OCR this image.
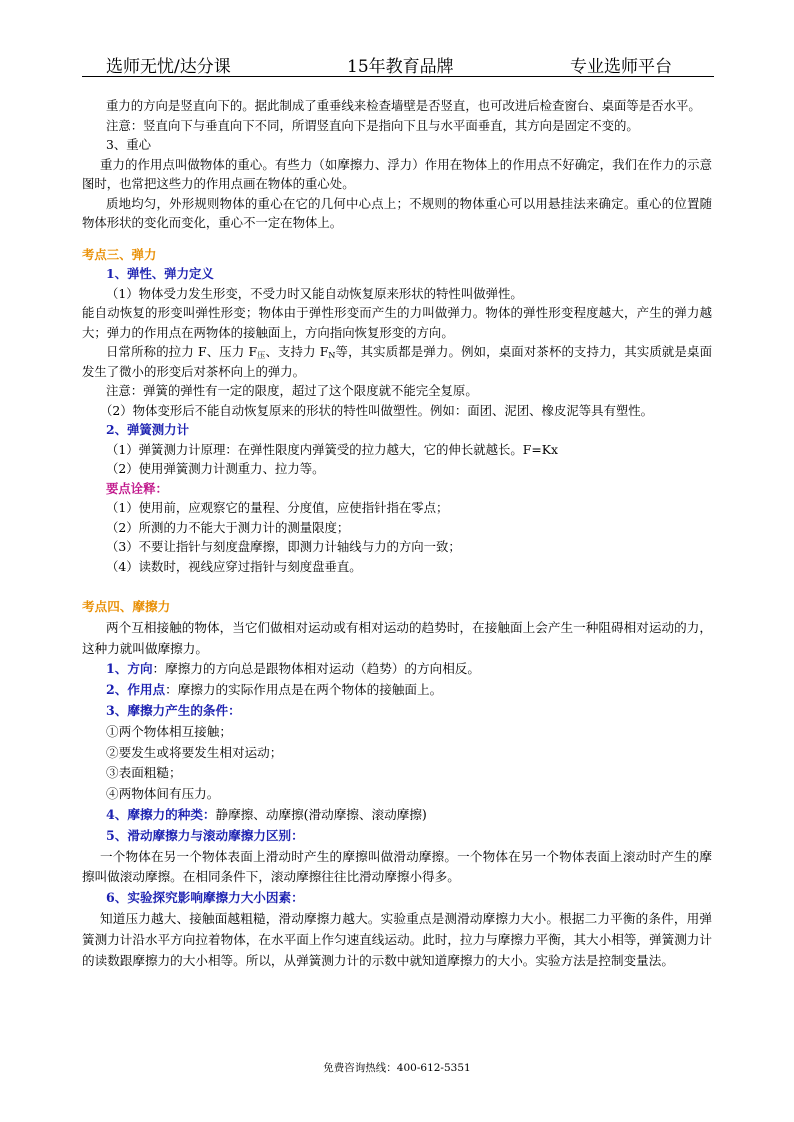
选师无忧/达分课	15年教育品牌	专业选师平台

重力的方向是竖直向下的。据此制成了重垂线来检查墙壁是否竖直，也可改进后检查窗台、桌面等是否水平。

注意：竖直向下与垂直向下不同，所谓竖直向下是指向下且与水平面垂直，其方向是固定不变的。

3、重心

重力的作用点叫做物体的重心。有些力（如摩擦力、浮力）作用在物体上的作用点不好确定，我们在作力的示意图时，也常把这些力的作用点画在物体的重心处。

质地均匀，外形规则物体的重心在它的几何中心点上；不规则的物体重心可以用悬挂法来确定。重心的位置随物体形状的变化而变化，重心不一定在物体上。

考点三、弹力

1、弹性、弹力定义

（1）物体受力发生形变，不受力时又能自动恢复原来形状的特性叫做弹性。

能自动恢复的形变叫弹性形变；物体由于弹性形变而产生的力叫做弹力。物体的弹性形变程度越大，产生的弹力越大；弹力的作用点在两物体的接触面上，方向指向恢复形变的方向。

日常所称的拉力 F、压力 $F_压$、支持力 $F_N$等，其实质都是弹力。例如，桌面对茶杯的支持力，其实质就是桌面发生了微小的形变后对茶杯向上的弹力。

注意：弹簧的弹性有一定的限度，超过了这个限度就不能完全复原。

（2）物体变形后不能自动恢复原来的形状的特性叫做塑性。例如：面团、泥团、橡皮泥等具有塑性。

2、弹簧测力计

（1）弹簧测力计原理：在弹性限度内弹簧受的拉力越大，它的伸长就越长。F=Kx

（2）使用弹簧测力计测重力、拉力等。

要点诠释：

（1）使用前，应观察它的量程、分度值，应使指针指在零点；

（2）所测的力不能大于测力计的测量限度；

（3）不要让指针与刻度盘摩擦，即测力计轴线与力的方向一致；

（4）读数时，视线应穿过指针与刻度盘垂直。

考点四、摩擦力

两个互相接触的物体，当它们做相对运动或有相对运动的趋势时，在接触面上会产生一种阻碍相对运动的力，这种力就叫做摩擦力。

1、方向：摩擦力的方向总是跟物体相对运动（趋势）的方向相反。

2、作用点：摩擦力的实际作用点是在两个物体的接触面上。

3、摩擦力产生的条件：

①两个物体相互接触；

②要发生或将要发生相对运动；

③表面粗糙；

④两物体间有压力。

4、摩擦力的种类：静摩擦、动摩擦(滑动摩擦、滚动摩擦)

5、滑动摩擦力与滚动摩擦力区别：

一个物体在另一个物体表面上滑动时产生的摩擦叫做滑动摩擦。一个物体在另一个物体表面上滚动时产生的摩擦叫做滚动摩擦。在相同条件下，滚动摩擦往往比滑动摩擦小得多。

6、实验探究影响摩擦力大小因素：

知道压力越大、接触面越粗糙，滑动摩擦力越大。实验重点是测滑动摩擦力大小。根据二力平衡的条件，用弹簧测力计沿水平方向拉着物体，在水平面上作匀速直线运动。此时，拉力与摩擦力平衡，其大小相等，弹簧测力计的读数跟摩擦力的大小相等。所以，从弹簧测力计的示数中就知道摩擦力的大小。实验方法是控制变量法。

免费咨询热线：400-612-5351
